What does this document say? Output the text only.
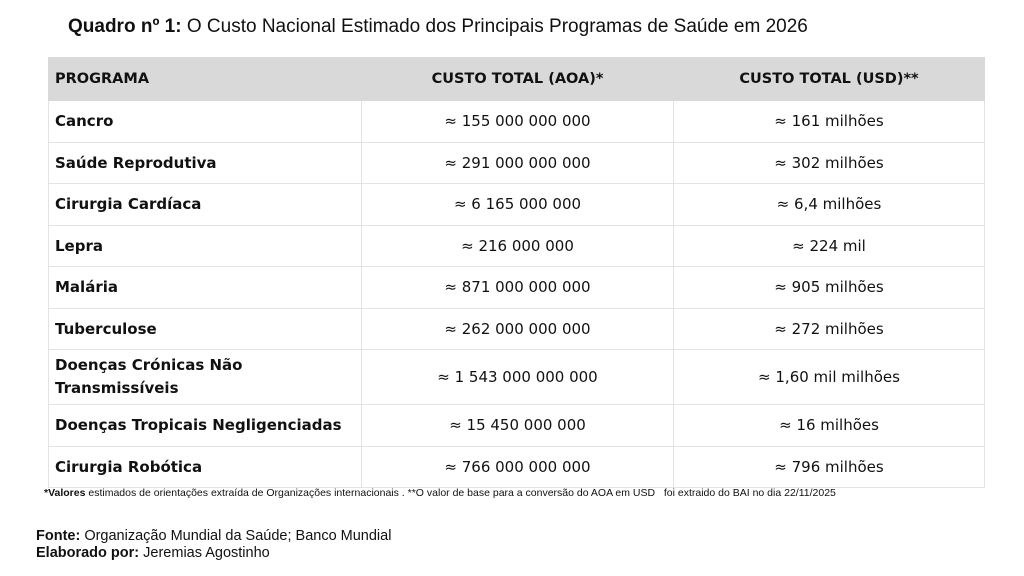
Quadro nº 1: O Custo Nacional Estimado dos Principais Programas de Saúde em 2026
PROGRAMA	CUSTO TOTAL (AOA)*	CUSTO TOTAL (USD)**
Cancro	≈ 155 000 000 000	≈ 161 milhões
Saúde Reprodutiva	≈ 291 000 000 000	≈ 302 milhões
Cirurgia Cardíaca	≈ 6 165 000 000	≈ 6,4 milhões
Lepra	≈ 216 000 000	≈ 224 mil
Malária	≈ 871 000 000 000	≈ 905 milhões
Tuberculose	≈ 262 000 000 000	≈ 272 milhões
Doenças Crónicas Não Transmissíveis	≈ 1 543 000 000 000	≈ 1,60 mil milhões
Doenças Tropicais Negligenciadas	≈ 15 450 000 000	≈ 16 milhões
Cirurgia Robótica	≈ 766 000 000 000	≈ 796 milhões
*Valores estimados de orientações extraída de Organizações internacionais . **O valor de base para a conversão do AOA em USD   foi extraido do BAI no dia 22/11/2025
Fonte: Organização Mundial da Saúde; Banco Mundial
Elaborado por: Jeremias Agostinho
